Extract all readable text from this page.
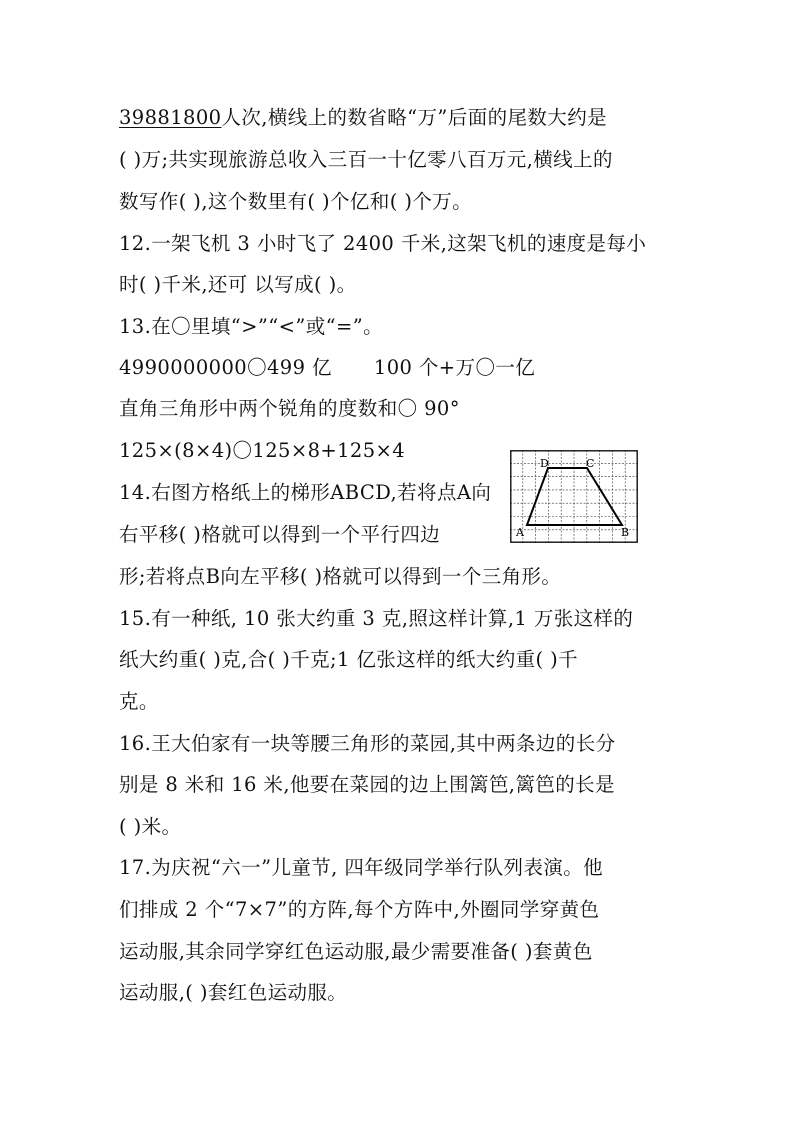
39881800人次,横线上的数省略“万”后面的尾数大约是
( )万;共实现旅游总收入三百一十亿零八百万元,横线上的
数写作( ),这个数里有( )个亿和( )个万。
12.一架飞机 3 小时飞了 2400 千米,这架飞机的速度是每小
时( )千米,还可 以写成( )。
13.在〇里填“>”“<”或“=”。
4990000000〇499 亿 100 个+万〇一亿
直角三角形中两个锐角的度数和〇 90°
125×(8×4)〇125×8+125×4
14.右图方格纸上的梯形ABCD,若将点A向
右平移( )格就可以得到一个平行四边
形;若将点B向左平移( )格就可以得到一个三角形。
D	C
A	B
15.有一种纸, 10 张大约重 3 克,照这样计算,1 万张这样的
纸大约重( )克,合( )千克;1 亿张这样的纸大约重( )千
克。
16.王大伯家有一块等腰三角形的菜园,其中两条边的长分
别是 8 米和 16 米,他要在菜园的边上围篱笆,篱笆的长是
( )米。
17.为庆祝“六一”儿童节, 四年级同学举行队列表演。他
们排成 2 个“7×7”的方阵,每个方阵中,外圈同学穿黄色
运动服,其余同学穿红色运动服,最少需要准备( )套黄色
运动服,( )套红色运动服。
